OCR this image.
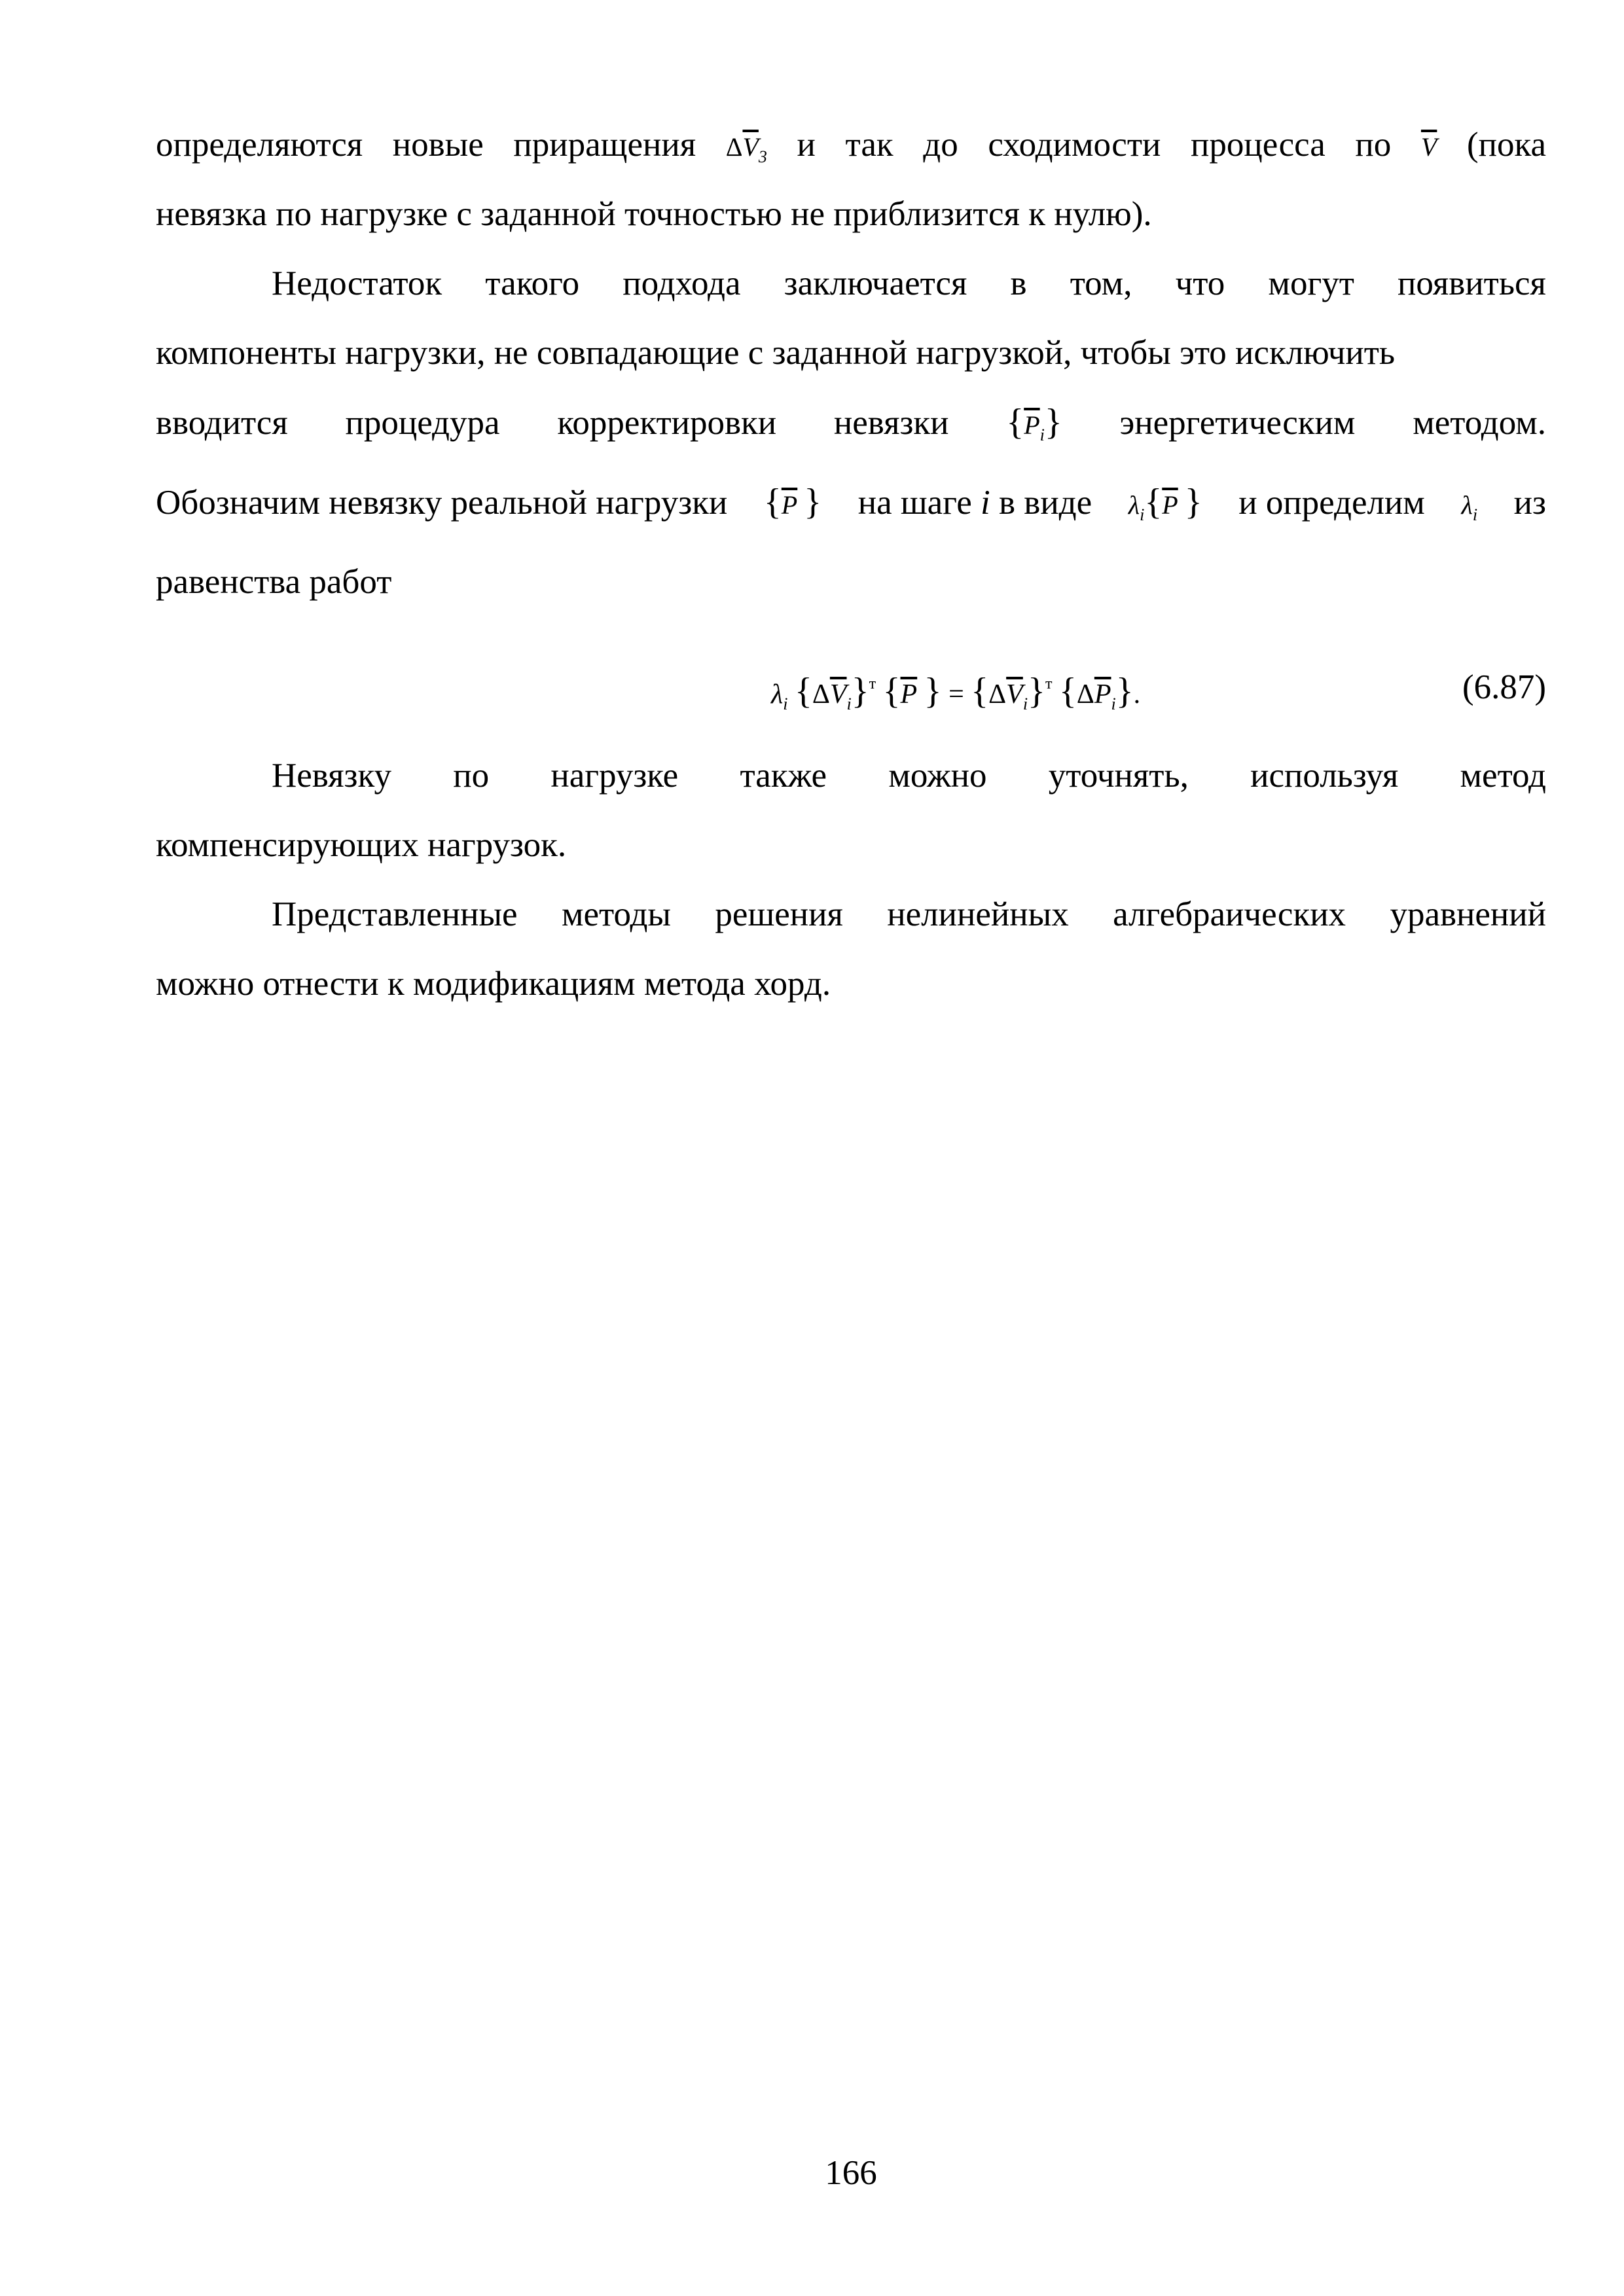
определяются новые приращения $\Delta\overline{V}_3$ и так до сходимости процесса по $\overline{V}$ (пока
невязка по нагрузке с заданной точностью не приблизится к нулю).
Недостаток такого подхода заключается в том, что могут появиться
компоненты нагрузки, не совпадающие с заданной нагрузкой, чтобы это исключить
вводится процедура корректировки невязки $\{\overline{P}_i\}$ энергетическим методом.
Обозначим невязку реальной нагрузки {$\overline{P}$ } на шаге i в виде $\lambda_i\{\overline{P}$ } и определим $\lambda_i$ из
равенства работ
$\lambda_i$ $\{\Delta\overline{V}_i\}^т$ {$\overline{P}$ } = $\{\Delta\overline{V}_i\}^т$ $\{\Delta\overline{P}_i\}$.	(6.87)
Невязку по нагрузке также можно уточнять, используя метод
компенсирующих нагрузок.
Представленные методы решения нелинейных алгебраических уравнений
можно отнести к модификациям метода хорд.
166
